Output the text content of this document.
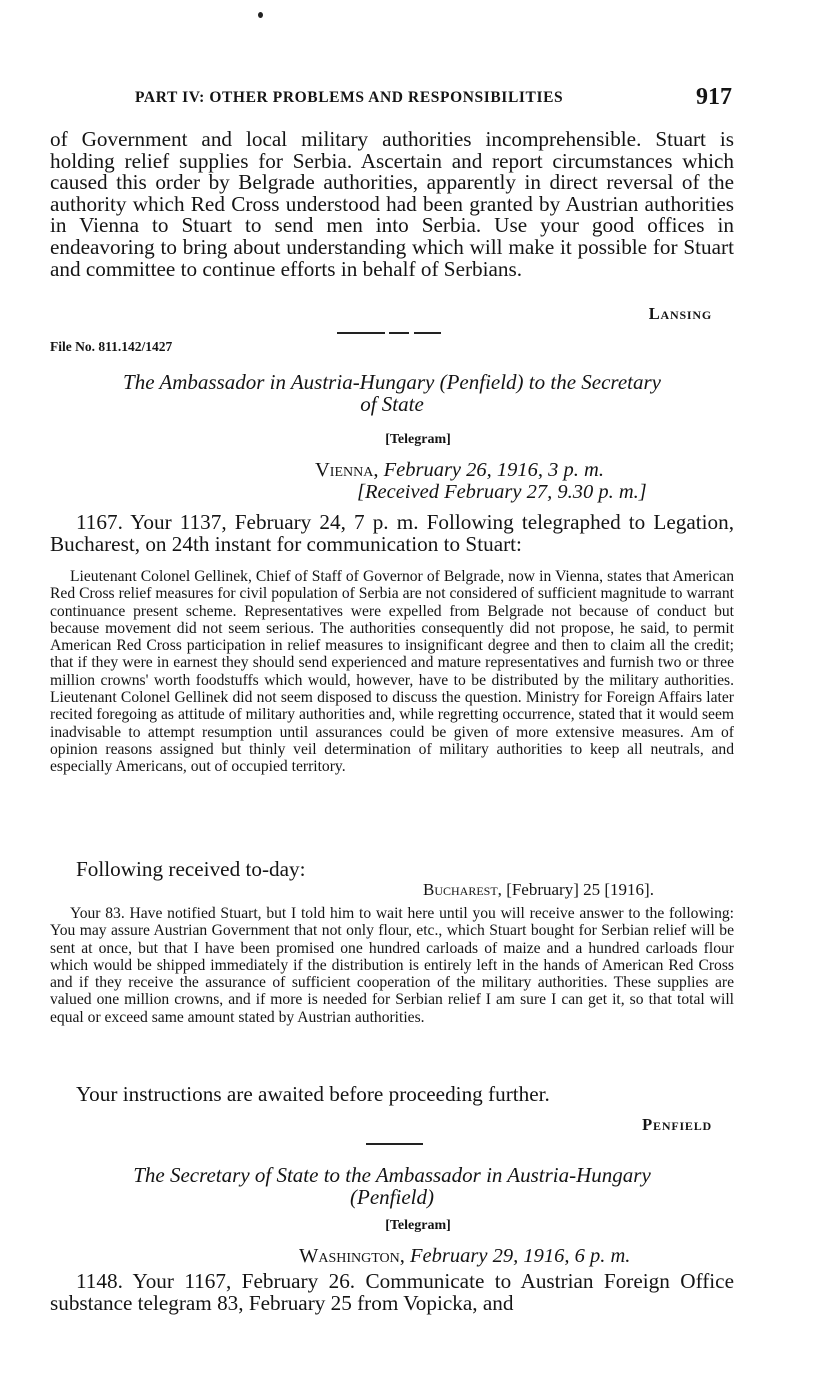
PART IV: OTHER PROBLEMS AND RESPONSIBILITIES	917

of Government and local military authorities incomprehensible. Stuart is holding relief supplies for Serbia. Ascertain and report circumstances which caused this order by Belgrade authorities, apparently in direct reversal of the authority which Red Cross understood had been granted by Austrian authorities in Vienna to Stuart to send men into Serbia. Use your good offices in endeavoring to bring about understanding which will make it possible for Stuart and committee to continue efforts in behalf of Serbians.

Lansing
File No. 811.142/1427
The Ambassador in Austria-Hungary (Penfield) to the Secretary
of State
[Telegram]
Vienna, February 26, 1916, 3 p. m.
[Received February 27, 9.30 p. m.]

1167. Your 1137, February 24, 7 p. m. Following telegraphed to Legation, Bucharest, on 24th instant for communication to Stuart:

Lieutenant Colonel Gellinek, Chief of Staff of Governor of Belgrade, now in Vienna, states that American Red Cross relief measures for civil population of Serbia are not considered of sufficient magnitude to warrant continuance present scheme. Representatives were expelled from Belgrade not because of conduct but because movement did not seem serious. The authorities consequently did not propose, he said, to permit American Red Cross participation in relief measures to insignificant degree and then to claim all the credit; that if they were in earnest they should send experienced and mature representatives and furnish two or three million crowns' worth foodstuffs which would, however, have to be distributed by the military authorities. Lieutenant Colonel Gellinek did not seem disposed to discuss the question. Ministry for Foreign Affairs later recited foregoing as attitude of military authorities and, while regretting occurrence, stated that it would seem inadvisable to attempt resumption until assurances could be given of more extensive measures. Am of opinion reasons assigned but thinly veil determination of military authorities to keep all neutrals, and especially Americans, out of occupied territory.

Following received to-day:

Bucharest, [February] 25 [1916].

Your 83. Have notified Stuart, but I told him to wait here until you will receive answer to the following: You may assure Austrian Government that not only flour, etc., which Stuart bought for Serbian relief will be sent at once, but that I have been promised one hundred carloads of maize and a hundred carloads flour which would be shipped immediately if the distribution is entirely left in the hands of American Red Cross and if they receive the assurance of sufficient cooperation of the military authorities. These supplies are valued one million crowns, and if more is needed for Serbian relief I am sure I can get it, so that total will equal or exceed same amount stated by Austrian authorities.

Your instructions are awaited before proceeding further.

Penfield
The Secretary of State to the Ambassador in Austria-Hungary
(Penfield)
[Telegram]
Washington, February 29, 1916, 6 p. m.

1148. Your 1167, February 26. Communicate to Austrian Foreign Office substance telegram 83, February 25 from Vopicka, and
